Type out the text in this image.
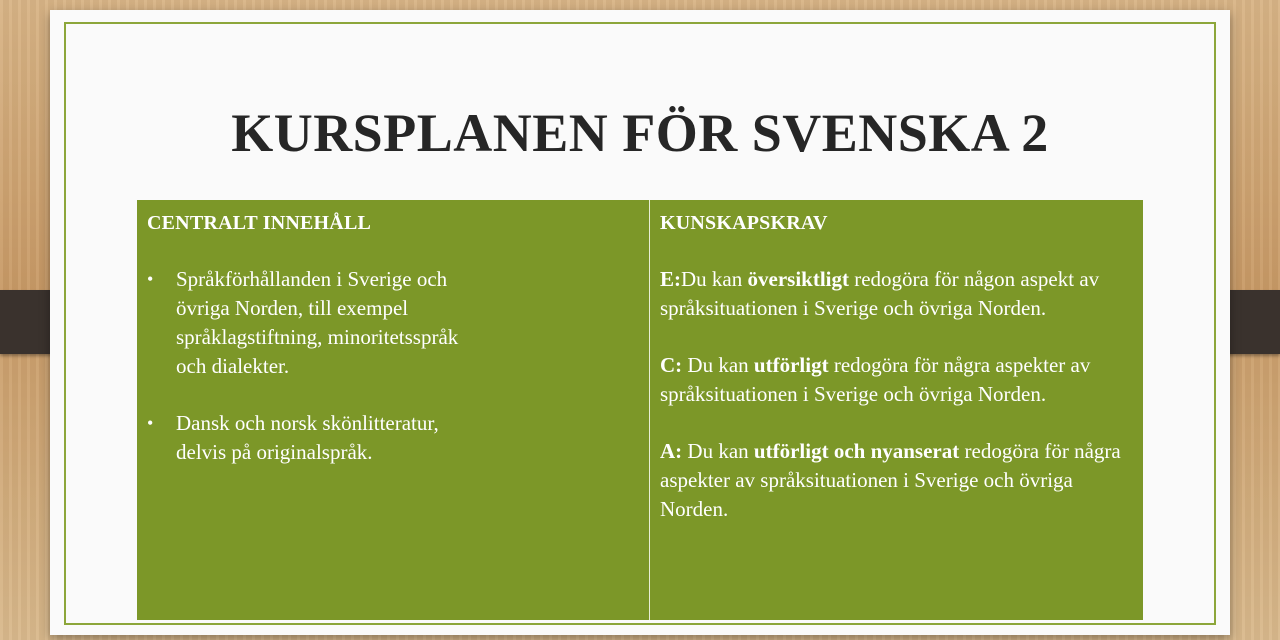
KURSPLANEN FÖR SVENSKA 2
CENTRALT INNEHÅLL
• Språkförhållanden i Sverige och övriga Norden, till exempel språklagstiftning, minoritetsspråk och dialekter.
• Dansk och norsk skönlitteratur, delvis på originalspråk.
KUNSKAPSKRAV

E:Du kan översiktligt redogöra för någon aspekt av språksituationen i Sverige och övriga Norden.

C: Du kan utförligt redogöra för några aspekter av språksituationen i Sverige och övriga Norden.

A: Du kan utförligt och nyanserat redogöra för några aspekter av språksituationen i Sverige och övriga Norden.
